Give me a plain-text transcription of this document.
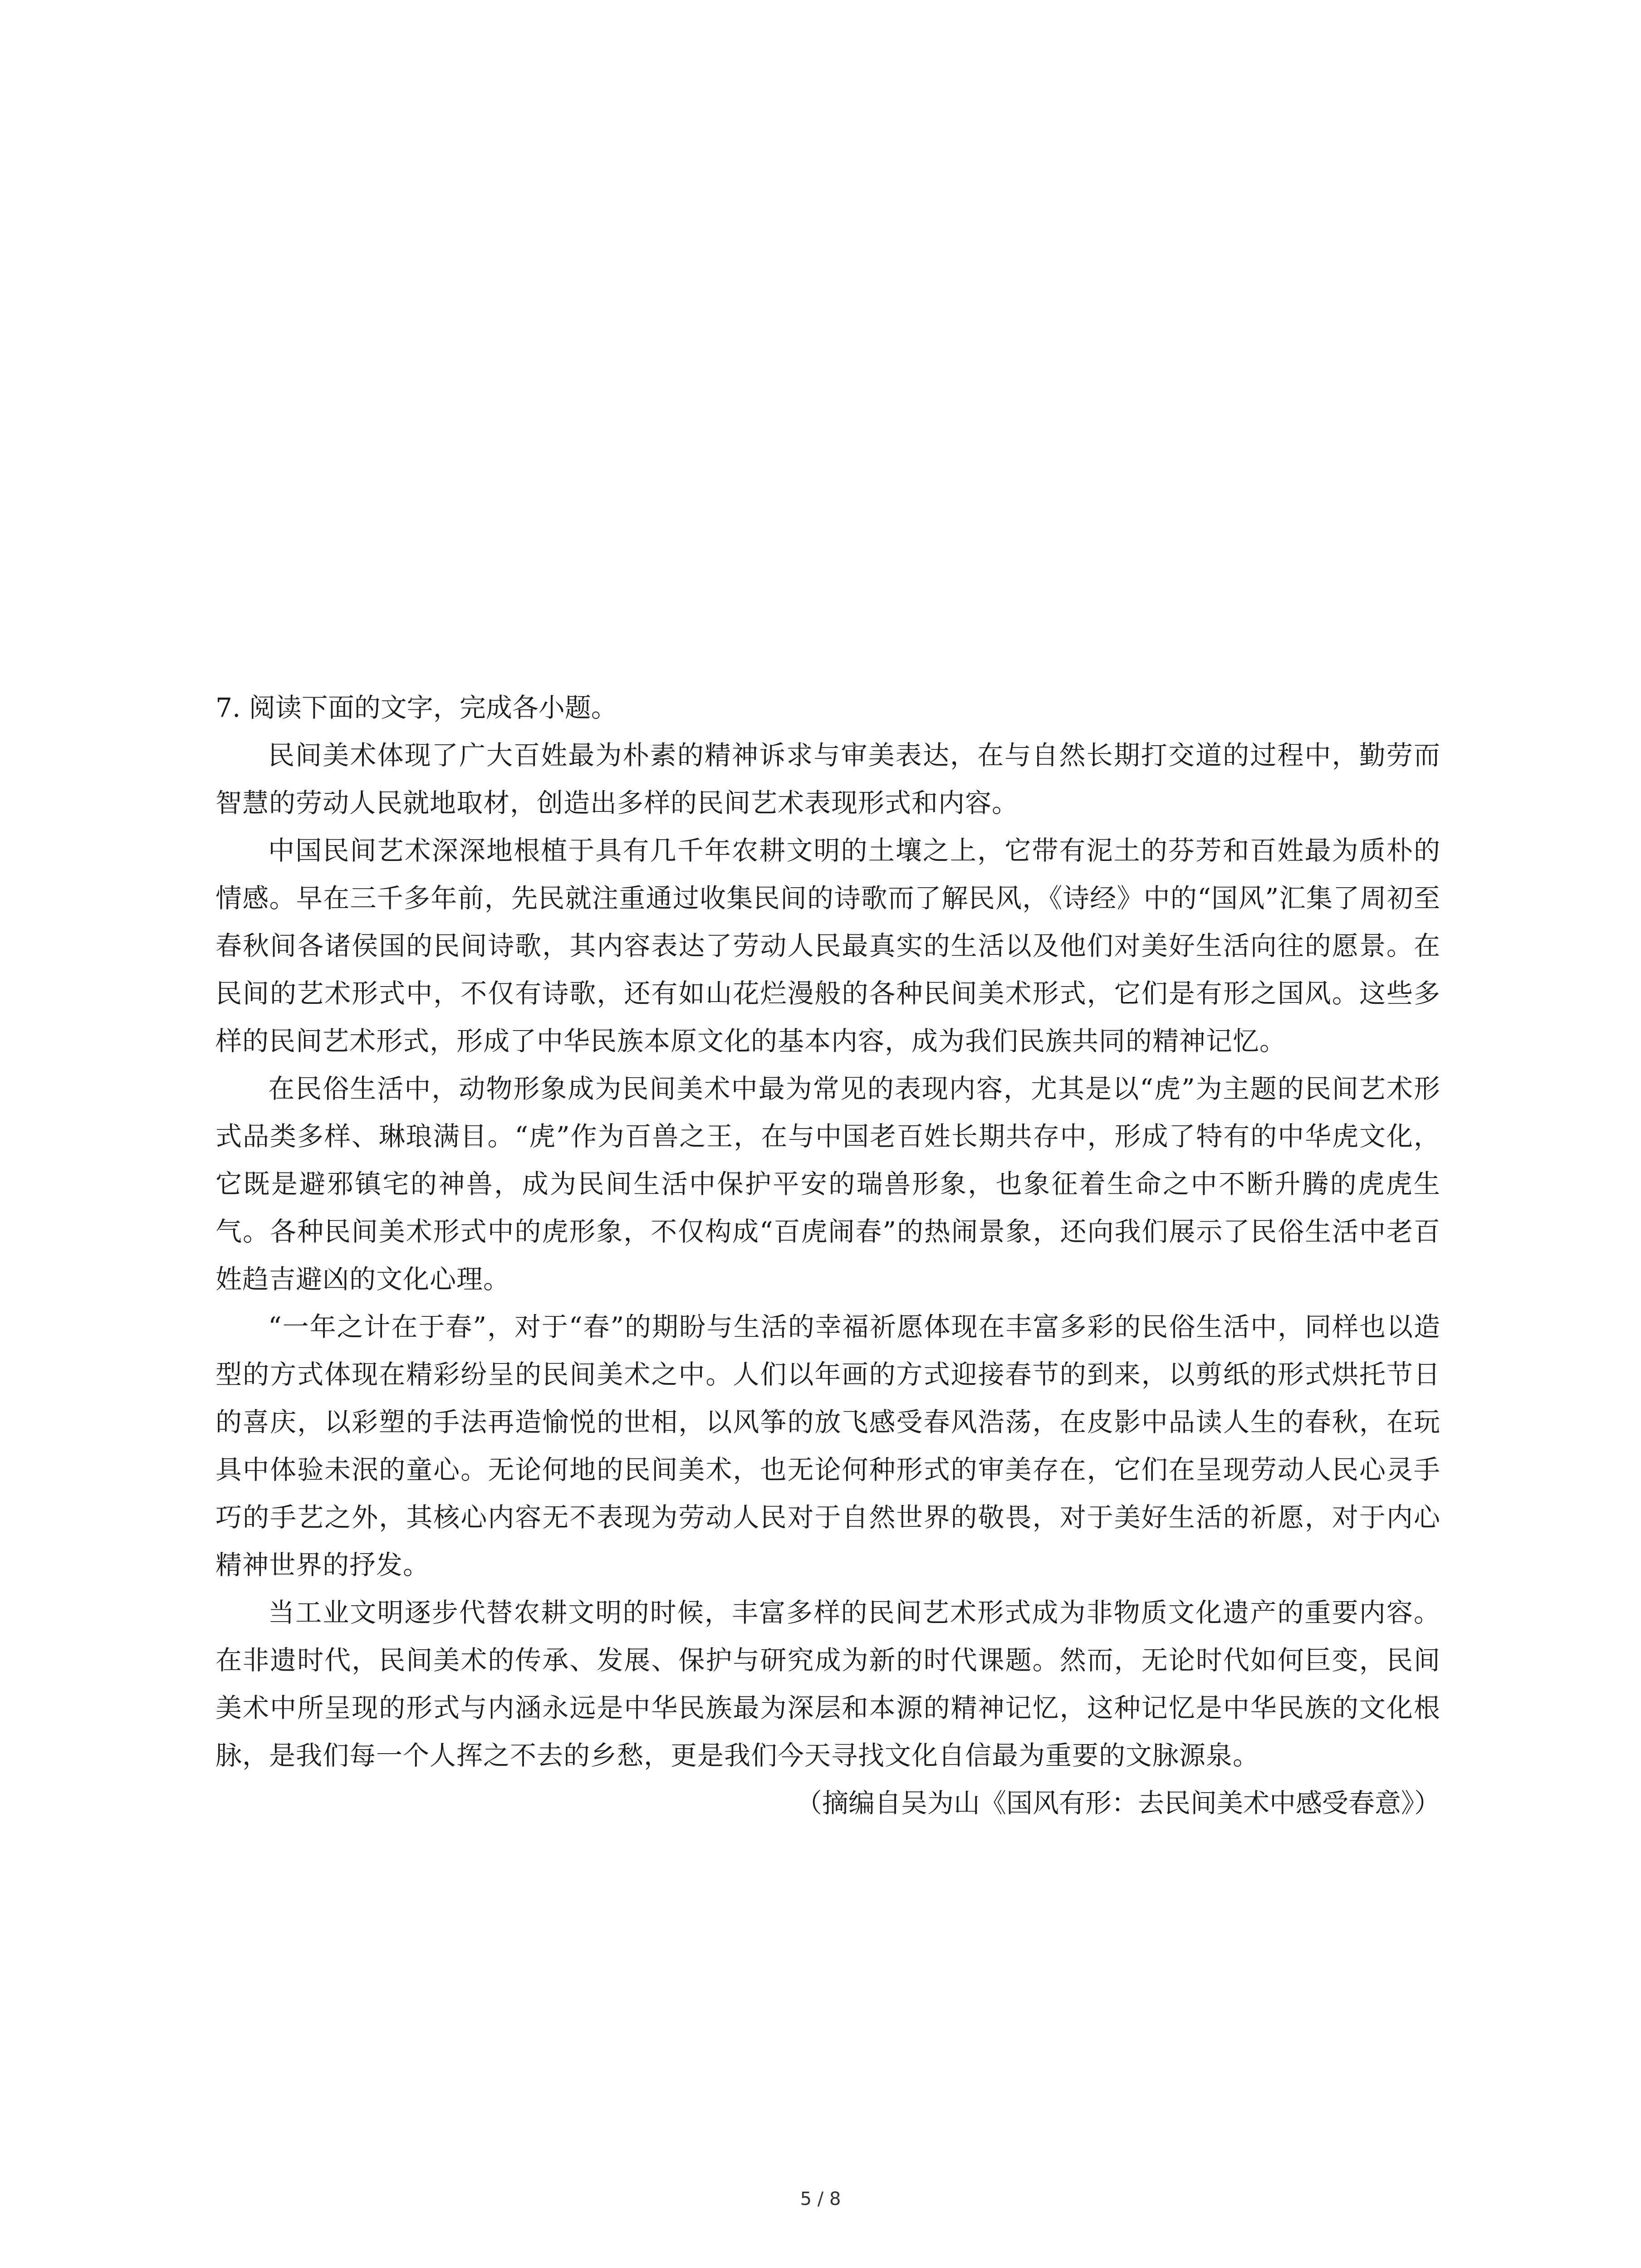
7. 阅读下面的文字，完成各小题。

民间美术体现了广大百姓最为朴素的精神诉求与审美表达，在与自然长期打交道的过程中，勤劳而智慧的劳动人民就地取材，创造出多样的民间艺术表现形式和内容。

中国民间艺术深深地根植于具有几千年农耕文明的土壤之上，它带有泥土的芬芳和百姓最为质朴的情感。早在三千多年前，先民就注重通过收集民间的诗歌而了解民风，《诗经》中的“国风”汇集了周初至春秋间各诸侯国的民间诗歌，其内容表达了劳动人民最真实的生活以及他们对美好生活向往的愿景。在民间的艺术形式中，不仅有诗歌，还有如山花烂漫般的各种民间美术形式，它们是有形之国风。这些多样的民间艺术形式，形成了中华民族本原文化的基本内容，成为我们民族共同的精神记忆。

在民俗生活中，动物形象成为民间美术中最为常见的表现内容，尤其是以“虎”为主题的民间艺术形式品类多样、琳琅满目。“虎”作为百兽之王，在与中国老百姓长期共存中，形成了特有的中华虎文化，它既是避邪镇宅的神兽，成为民间生活中保护平安的瑞兽形象，也象征着生命之中不断升腾的虎虎生气。各种民间美术形式中的虎形象，不仅构成“百虎闹春”的热闹景象，还向我们展示了民俗生活中老百姓趋吉避凶的文化心理。

“一年之计在于春”，对于“春”的期盼与生活的幸福祈愿体现在丰富多彩的民俗生活中，同样也以造型的方式体现在精彩纷呈的民间美术之中。人们以年画的方式迎接春节的到来，以剪纸的形式烘托节日的喜庆，以彩塑的手法再造愉悦的世相，以风筝的放飞感受春风浩荡，在皮影中品读人生的春秋，在玩具中体验未泯的童心。无论何地的民间美术，也无论何种形式的审美存在，它们在呈现劳动人民心灵手巧的手艺之外，其核心内容无不表现为劳动人民对于自然世界的敬畏，对于美好生活的祈愿，对于内心精神世界的抒发。

当工业文明逐步代替农耕文明的时候，丰富多样的民间艺术形式成为非物质文化遗产的重要内容。在非遗时代，民间美术的传承、发展、保护与研究成为新的时代课题。然而，无论时代如何巨变，民间美术中所呈现的形式与内涵永远是中华民族最为深层和本源的精神记忆，这种记忆是中华民族的文化根脉，是我们每一个人挥之不去的乡愁，更是我们今天寻找文化自信最为重要的文脉源泉。

（摘编自吴为山《国风有形：去民间美术中感受春意》）

5 / 8
